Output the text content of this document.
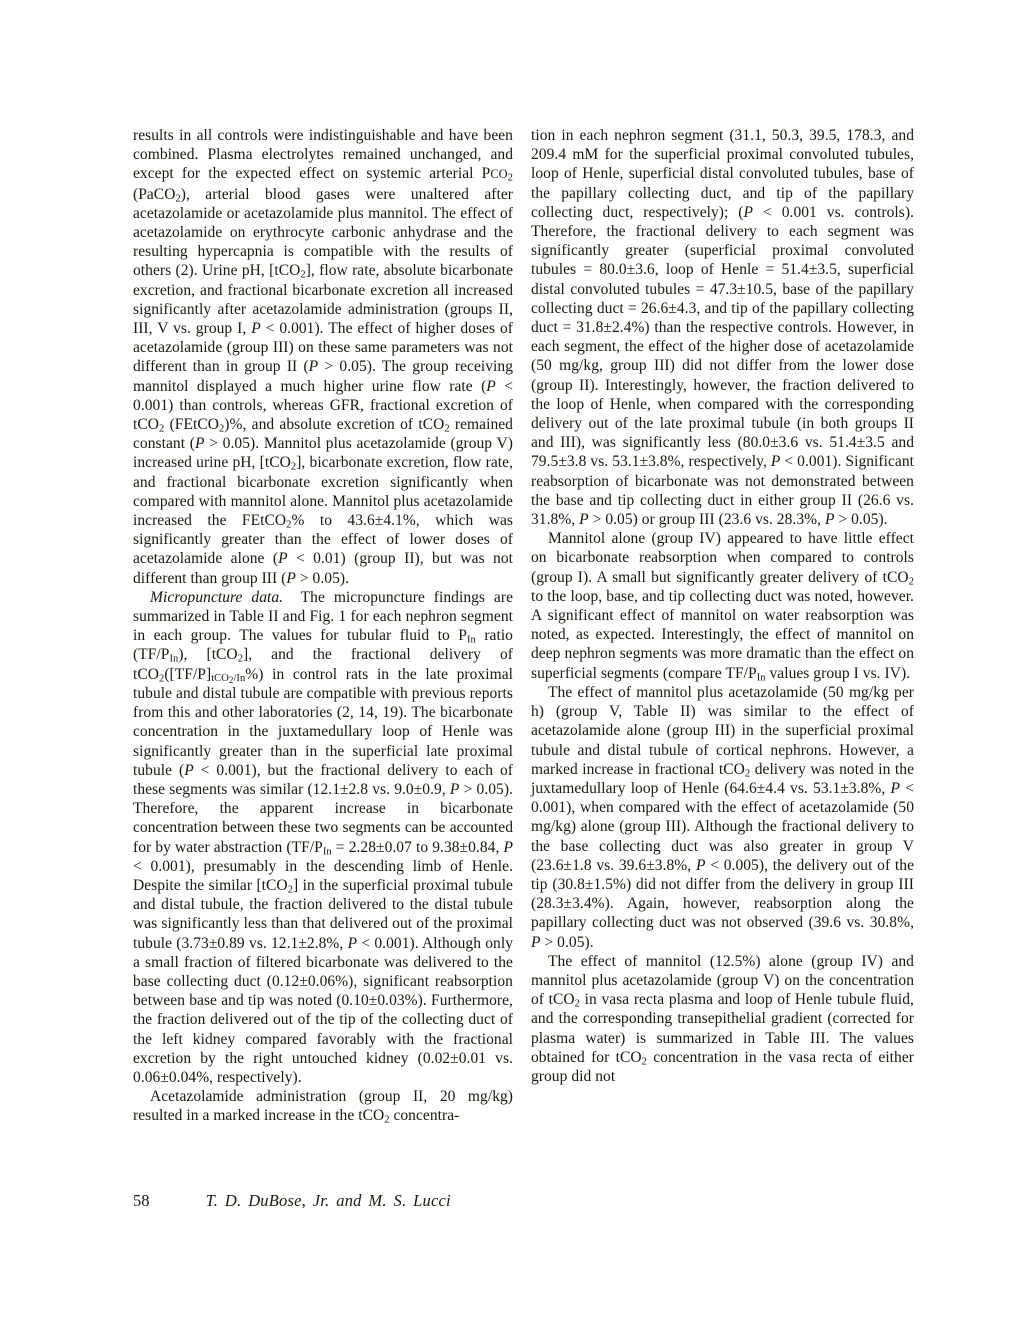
results in all controls were indistinguishable and have been combined. Plasma electrolytes remained unchanged, and except for the expected effect on systemic arterial $PCO_2$ (PaCO$_2$), arterial blood gases were unaltered after acetazolamide or acetazolamide plus mannitol. The effect of acetazolamide on erythrocyte carbonic anhydrase and the resulting hypercapnia is compatible with the results of others (2). Urine pH, [tCO$_2$], flow rate, absolute bicarbonate excretion, and fractional bicarbonate excretion all increased significantly after acetazolamide administration (groups II, III, V vs. group I, P < 0.001). The effect of higher doses of acetazolamide (group III) on these same parameters was not different than in group II (P > 0.05). The group receiving mannitol displayed a much higher urine flow rate (P < 0.001) than controls, whereas GFR, fractional excretion of tCO$_2$ (FEtCO$_2$)%, and absolute excretion of tCO$_2$ remained constant (P > 0.05). Mannitol plus acetazolamide (group V) increased urine pH, [tCO$_2$], bicarbonate excretion, flow rate, and fractional bicarbonate excretion significantly when compared with mannitol alone. Mannitol plus acetazolamide increased the FEtCO$_2$% to 43.6±4.1%, which was significantly greater than the effect of lower doses of acetazolamide alone (P < 0.01) (group II), but was not different than group III (P > 0.05).

Micropuncture data.  The micropuncture findings are summarized in Table II and Fig. 1 for each nephron segment in each group. The values for tubular fluid to $P_{In}$ ratio $(TF/P_{In})$, [tCO$_2$], and the fractional delivery of $tCO_2([TF/P]_{tCO_2/In}\%)$ in control rats in the late proximal tubule and distal tubule are compatible with previous reports from this and other laboratories (2, 14, 19). The bicarbonate concentration in the juxtamedullary loop of Henle was significantly greater than in the superficial late proximal tubule (P < 0.001), but the fractional delivery to each of these segments was similar (12.1±2.8 vs. 9.0±0.9, P > 0.05). Therefore, the apparent increase in bicarbonate concentration between these two segments can be accounted for by water abstraction ($TF/P_{In} = 2.28\pm 0.07$ to 9.38±0.84, P < 0.001), presumably in the descending limb of Henle. Despite the similar [tCO$_2$] in the superficial proximal tubule and distal tubule, the fraction delivered to the distal tubule was significantly less than that delivered out of the proximal tubule (3.73±0.89 vs. 12.1±2.8%, P < 0.001). Although only a small fraction of filtered bicarbonate was delivered to the base collecting duct (0.12±0.06%), significant reabsorption between base and tip was noted (0.10±0.03%). Furthermore, the fraction delivered out of the tip of the collecting duct of the left kidney compared favorably with the fractional excretion by the right untouched kidney (0.02±0.01 vs. 0.06±0.04%, respectively).

Acetazolamide administration (group II, 20 mg/kg) resulted in a marked increase in the tCO$_2$ concentra-

tion in each nephron segment (31.1, 50.3, 39.5, 178.3, and 209.4 mM for the superficial proximal convoluted tubules, loop of Henle, superficial distal convoluted tubules, base of the papillary collecting duct, and tip of the papillary collecting duct, respectively); (P < 0.001 vs. controls). Therefore, the fractional delivery to each segment was significantly greater (superficial proximal convoluted tubules = 80.0±3.6, loop of Henle = 51.4±3.5, superficial distal convoluted tubules = 47.3±10.5, base of the papillary collecting duct = 26.6±4.3, and tip of the papillary collecting duct = 31.8±2.4%) than the respective controls. However, in each segment, the effect of the higher dose of acetazolamide (50 mg/kg, group III) did not differ from the lower dose (group II). Interestingly, however, the fraction delivered to the loop of Henle, when compared with the corresponding delivery out of the late proximal tubule (in both groups II and III), was significantly less (80.0±3.6 vs. 51.4±3.5 and 79.5±3.8 vs. 53.1±3.8%, respectively, P < 0.001). Significant reabsorption of bicarbonate was not demonstrated between the base and tip collecting duct in either group II (26.6 vs. 31.8%, P > 0.05) or group III (23.6 vs. 28.3%, P > 0.05).

Mannitol alone (group IV) appeared to have little effect on bicarbonate reabsorption when compared to controls (group I). A small but significantly greater delivery of tCO$_2$ to the loop, base, and tip collecting duct was noted, however. A significant effect of mannitol on water reabsorption was noted, as expected. Interestingly, the effect of mannitol on deep nephron segments was more dramatic than the effect on superficial segments (compare $TF/P_{In}$ values group I vs. IV).

The effect of mannitol plus acetazolamide (50 mg/kg per h) (group V, Table II) was similar to the effect of acetazolamide alone (group III) in the superficial proximal tubule and distal tubule of cortical nephrons. However, a marked increase in fractional tCO$_2$ delivery was noted in the juxtamedullary loop of Henle (64.6±4.4 vs. 53.1±3.8%, P < 0.001), when compared with the effect of acetazolamide (50 mg/kg) alone (group III). Although the fractional delivery to the base collecting duct was also greater in group V (23.6±1.8 vs. 39.6±3.8%, P < 0.005), the delivery out of the tip (30.8±1.5%) did not differ from the delivery in group III (28.3±3.4%). Again, however, reabsorption along the papillary collecting duct was not observed (39.6 vs. 30.8%, P > 0.05).

The effect of mannitol (12.5%) alone (group IV) and mannitol plus acetazolamide (group V) on the concentration of tCO$_2$ in vasa recta plasma and loop of Henle tubule fluid, and the corresponding transepithelial gradient (corrected for plasma water) is summarized in Table III. The values obtained for tCO$_2$ concentration in the vasa recta of either group did not

58	T. D. DuBose, Jr. and M. S. Lucci
